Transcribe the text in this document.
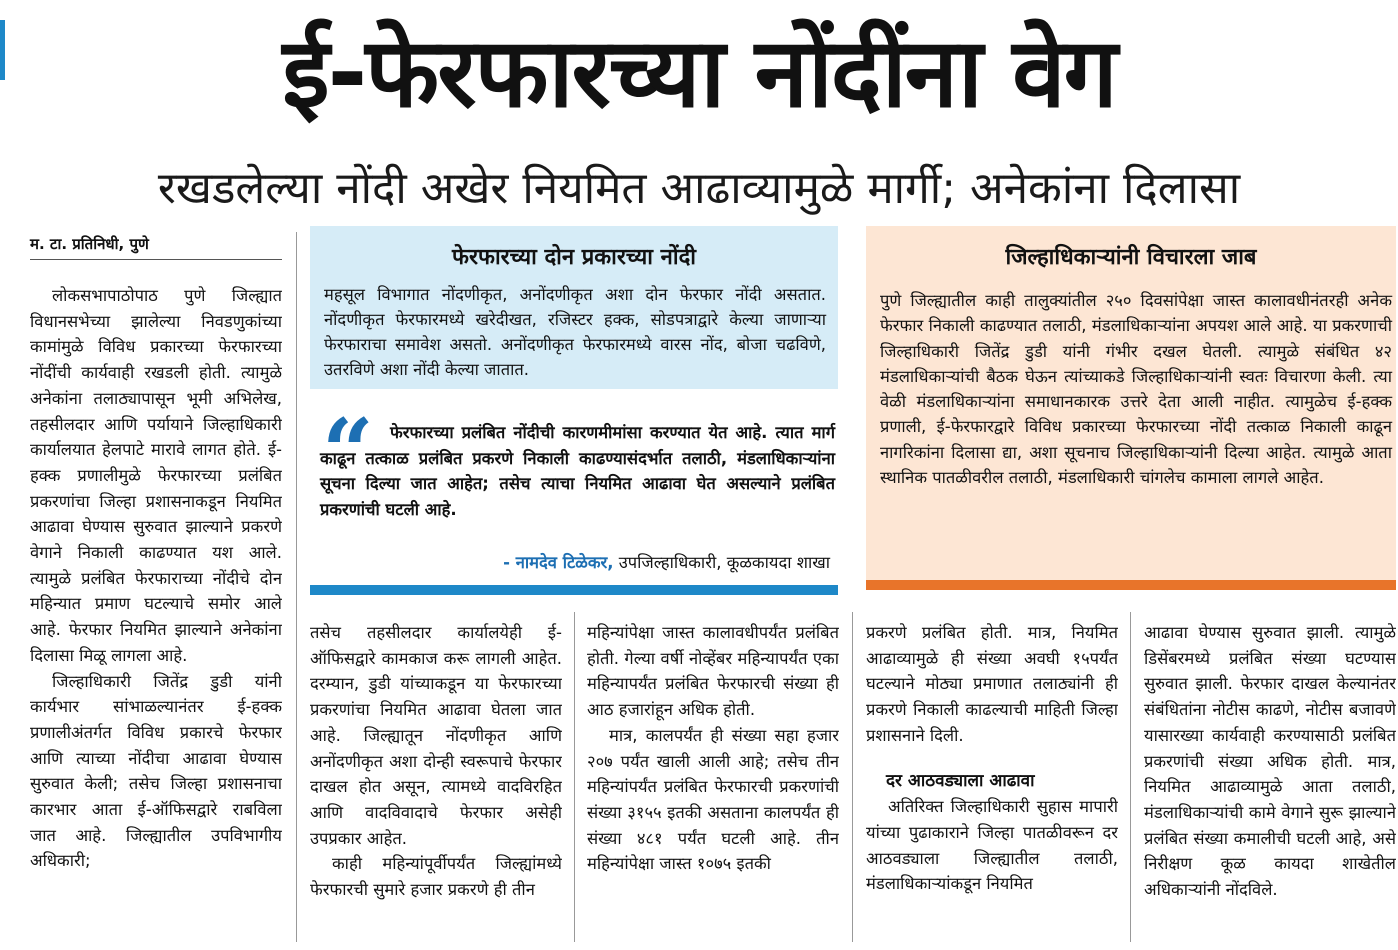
ई-फेरफारच्या नोंदींना वेग
रखडलेल्या नोंदी अखेर नियमित आढाव्यामुळे मार्गी; अनेकांना दिलासा
म. टा. प्रतिनिधी, पुणे

लोकसभापाठोपाठ पुणे जिल्ह्यात विधानसभेच्या झालेल्या निवडणुकांच्या कामांमुळे विविध प्रकारच्या फेरफारच्या नोंदींची कार्यवाही रखडली होती. त्यामुळे अनेकांना तलाठ्यापासून भूमी अभिलेख, तहसीलदार आणि पर्यायाने जिल्हाधिकारी कार्यालयात हेलपाटे मारावे लागत होते. ई-हक्क प्रणालीमुळे फेरफारच्या प्रलंबित प्रकरणांचा जिल्हा प्रशासनाकडून नियमित आढावा घेण्यास सुरुवात झाल्याने प्रकरणे वेगाने निकाली काढण्यात यश आले. त्यामुळे प्रलंबित फेरफाराच्या नोंदीचे दोन महिन्यात प्रमाण घटल्याचे समोर आले आहे. फेरफार नियमित झाल्याने अनेकांना दिलासा मिळू लागला आहे.

जिल्हाधिकारी जितेंद्र डुडी यांनी कार्यभार सांभाळल्यानंतर ई-हक्क प्रणालीअंतर्गत विविध प्रकारचे फेरफार आणि त्याच्या नोंदीचा आढावा घेण्यास सुरुवात केली; तसेच जिल्हा प्रशासनाचा कारभार आता ई-ऑफिसद्वारे राबविला जात आहे. जिल्ह्यातील उपविभागीय अधिकारी;

फेरफारच्या दोन प्रकारच्या नोंदी
महसूल विभागात नोंदणीकृत, अनोंदणीकृत अशा दोन फेरफार नोंदी असतात. नोंदणीकृत फेरफारमध्ये खरेदीखत, रजिस्टर हक्क, सोडपत्राद्वारे केल्या जाणाऱ्या फेरफाराचा समावेश असतो. अनोंदणीकृत फेरफारमध्ये वारस नोंद, बोजा चढविणे, उतरविणे अशा नोंदी केल्या जातात.
“ फेरफारच्या प्रलंबित नोंदीची कारणमीमांसा करण्यात येत आहे. त्यात मार्ग काढून तत्काळ प्रलंबित प्रकरणे निकाली काढण्यासंदर्भात तलाठी, मंडलाधिकाऱ्यांना सूचना दिल्या जात आहेत; तसेच त्याचा नियमित आढावा घेत असल्याने प्रलंबित प्रकरणांची घटली आहे.
- नामदेव टिळेकर, उपजिल्हाधिकारी, कूळकायदा शाखा
जिल्हाधिकाऱ्यांनी विचारला जाब
पुणे जिल्ह्यातील काही तालुक्यांतील २५० दिवसांपेक्षा जास्त कालावधीनंतरही अनेक फेरफार निकाली काढण्यात तलाठी, मंडलाधिकाऱ्यांना अपयश आले आहे. या प्रकरणाची जिल्हाधिकारी जितेंद्र डुडी यांनी गंभीर दखल घेतली. त्यामुळे संबंधित ४२ मंडलाधिकाऱ्यांची बैठक घेऊन त्यांच्याकडे जिल्हाधिकाऱ्यांनी स्वतः विचारणा केली. त्या वेळी मंडलाधिकाऱ्यांना समाधानकारक उत्तरे देता आली नाहीत. त्यामुळेच ई-हक्क प्रणाली, ई-फेरफारद्वारे विविध प्रकारच्या फेरफारच्या नोंदी तत्काळ निकाली काढून नागरिकांना दिलासा द्या, अशा सूचनाच जिल्हाधिकाऱ्यांनी दिल्या आहेत. त्यामुळे आता स्थानिक पातळीवरील तलाठी, मंडलाधिकारी चांगलेच कामाला लागले आहेत.

तसेच तहसीलदार कार्यालयेही ई-ऑफिसद्वारे कामकाज करू लागली आहेत. दरम्यान, डुडी यांच्याकडून या फेरफारच्या प्रकरणांचा नियमित आढावा घेतला जात आहे. जिल्ह्यातून नोंदणीकृत आणि अनोंदणीकृत अशा दोन्ही स्वरूपाचे फेरफार दाखल होत असून, त्यामध्ये वादविरहित आणि वादविवादाचे फेरफार असेही उपप्रकार आहेत.

काही महिन्यांपूर्वीपर्यंत जिल्ह्यांमध्ये फेरफारची सुमारे हजार प्रकरणे ही तीन

महिन्यांपेक्षा जास्त कालावधीपर्यंत प्रलंबित होती. गेल्या वर्षी नोव्हेंबर महिन्यापर्यंत एका महिन्यापर्यंत प्रलंबित फेरफारची संख्या ही आठ हजारांहून अधिक होती.

मात्र, कालपर्यंत ही संख्या सहा हजार २०७ पर्यंत खाली आली आहे; तसेच तीन महिन्यांपर्यंत प्रलंबित फेरफारची प्रकरणांची संख्या ३१५५ इतकी असताना कालपर्यंत ही संख्या ४८१ पर्यंत घटली आहे. तीन महिन्यांपेक्षा जास्त १०७५ इतकी

प्रकरणे प्रलंबित होती. मात्र, नियमित आढाव्यामुळे ही संख्या अवघी १५पर्यंत घटल्याने मोठ्या प्रमाणात तलाठ्यांनी ही प्रकरणे निकाली काढल्याची माहिती जिल्हा प्रशासनाने दिली.

दर आठवड्याला आढावा

अतिरिक्त जिल्हाधिकारी सुहास मापारी यांच्या पुढाकाराने जिल्हा पातळीवरून दर आठवड्याला जिल्ह्यातील तलाठी, मंडलाधिकाऱ्यांकडून नियमित

आढावा घेण्यास सुरुवात झाली. त्यामुळे डिसेंबरमध्ये प्रलंबित संख्या घटण्यास सुरुवात झाली. फेरफार दाखल केल्यानंतर संबंधितांना नोटीस काढणे, नोटीस बजावणे यासारख्या कार्यवाही करण्यासाठी प्रलंबित प्रकरणांची संख्या अधिक होती. मात्र, नियमित आढाव्यामुळे आता तलाठी, मंडलाधिकाऱ्यांची कामे वेगाने सुरू झाल्याने प्रलंबित संख्या कमालीची घटली आहे, असे निरीक्षण कूळ कायदा शाखेतील अधिकाऱ्यांनी नोंदविले.
